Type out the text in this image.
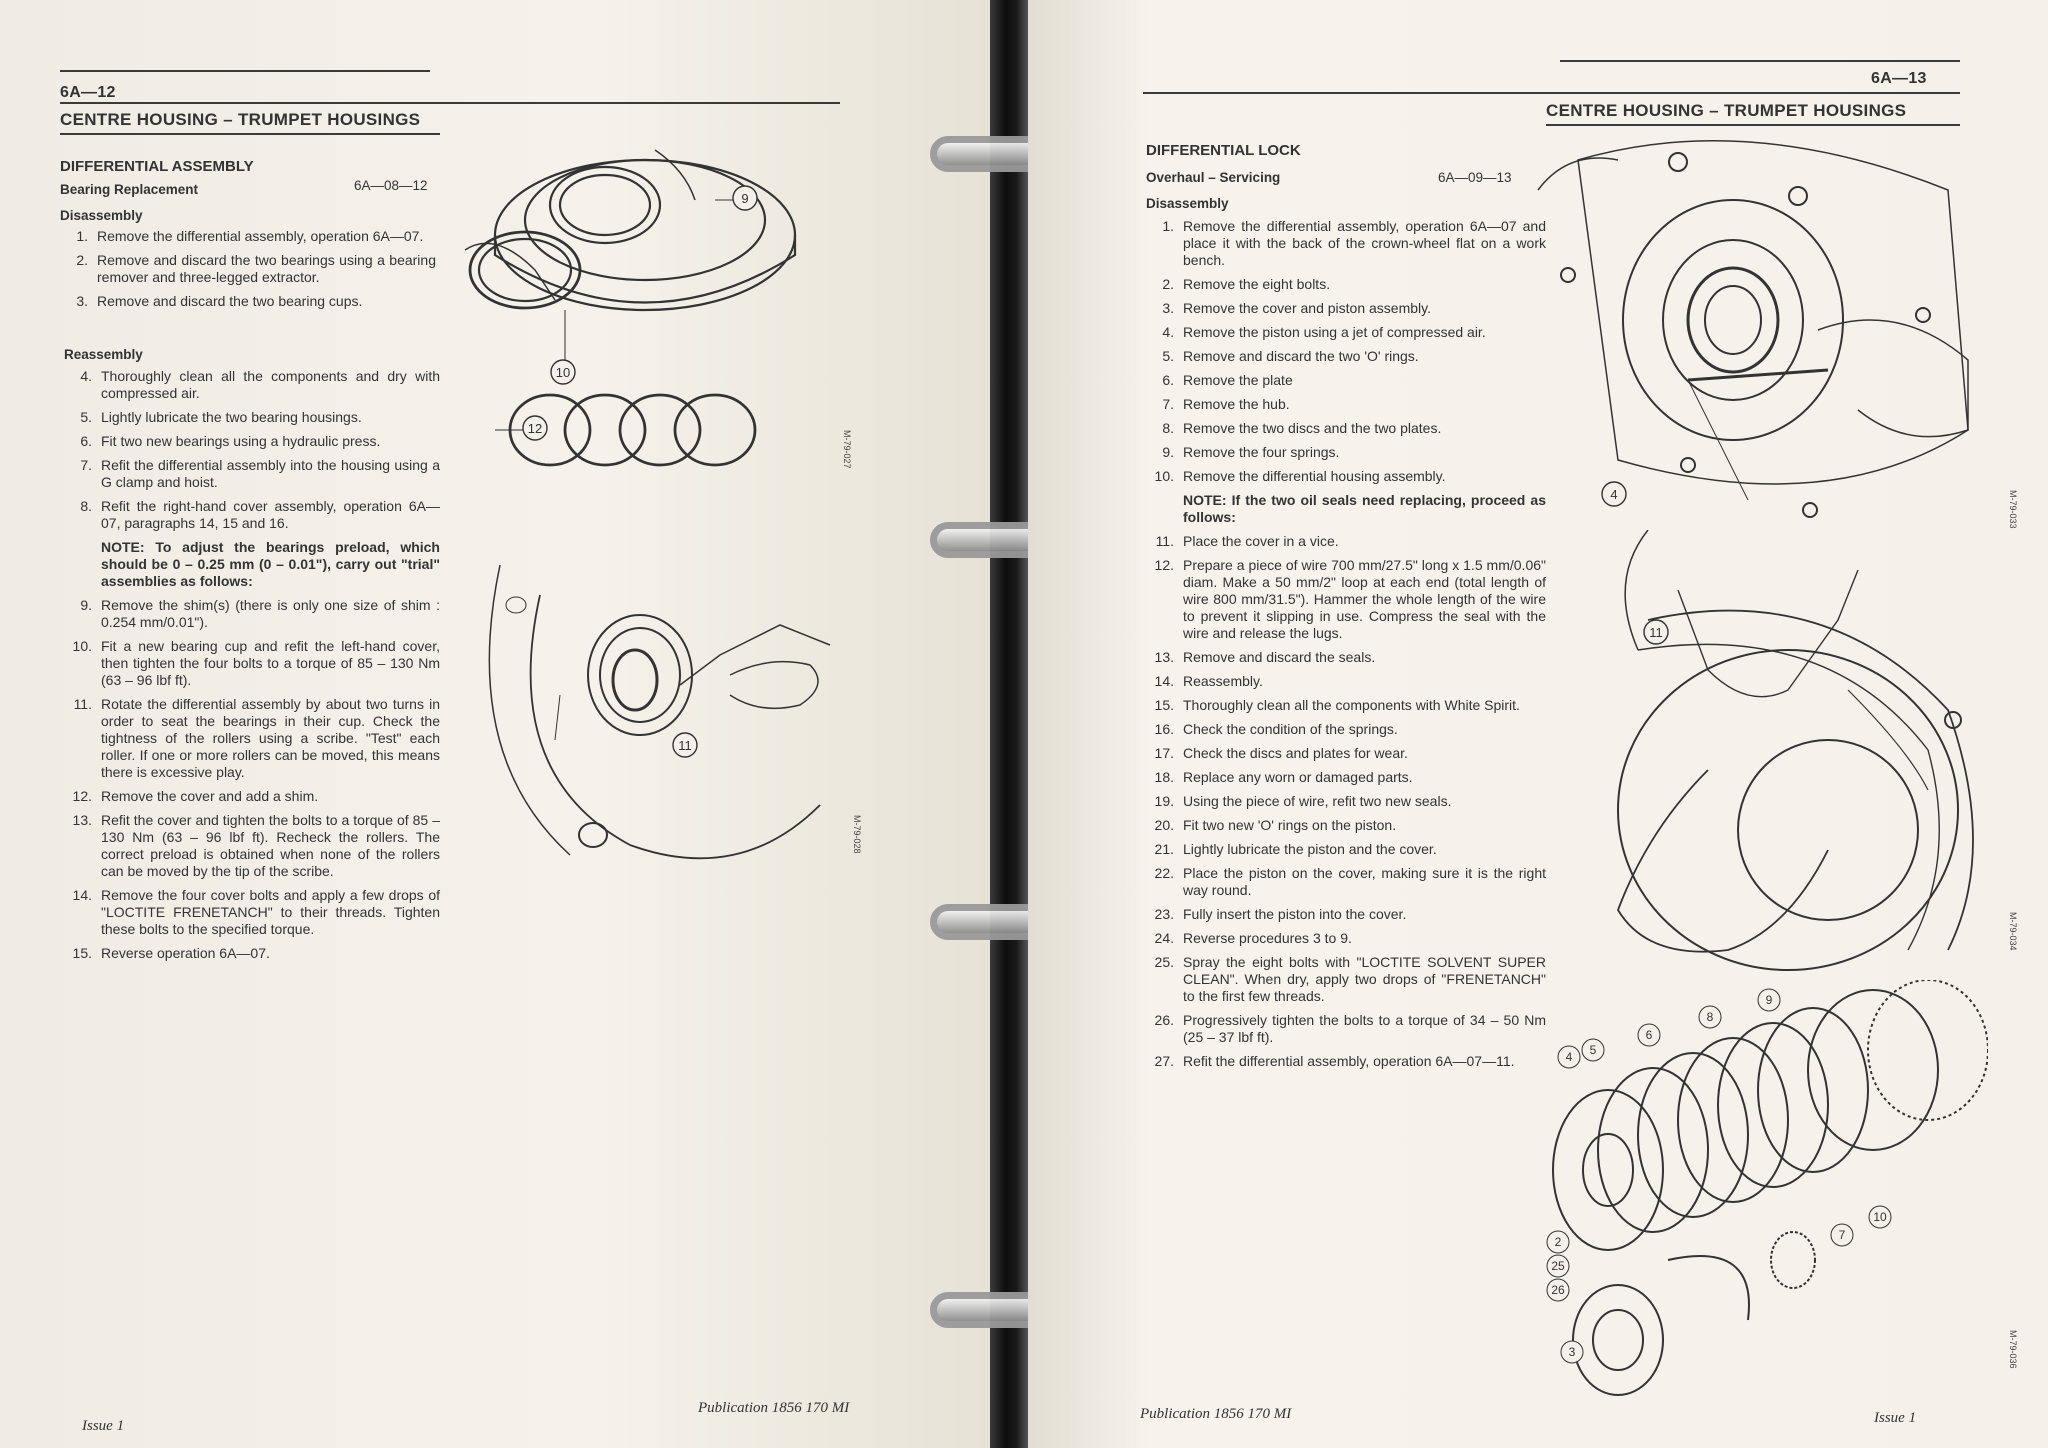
6A—12
CENTRE HOUSING – TRUMPET HOUSINGS
DIFFERENTIAL ASSEMBLY
Bearing Replacement	6A—08—12
Disassembly
1. Remove the differential assembly, operation 6A—07.
2. Remove and discard the two bearings using a bearing remover and three-legged extractor.
3. Remove and discard the two bearing cups.
Reassembly
4. Thoroughly clean all the components and dry with compressed air.
5. Lightly lubricate the two bearing housings.
6. Fit two new bearings using a hydraulic press.
7. Refit the differential assembly into the housing using a G clamp and hoist.
8. Refit the right-hand cover assembly, operation 6A—07, paragraphs 14, 15 and 16.
NOTE: To adjust the bearings preload, which should be 0 – 0.25 mm (0 – 0.01"), carry out "trial" assemblies as follows:
9. Remove the shim(s) (there is only one size of shim : 0.254 mm/0.01").
10. Fit a new bearing cup and refit the left-hand cover, then tighten the four bolts to a torque of 85 – 130 Nm (63 – 96 lbf ft).
11. Rotate the differential assembly by about two turns in order to seat the bearings in their cup. Check the tightness of the rollers using a scribe. "Test" each roller. If one or more rollers can be moved, this means there is excessive play.
12. Remove the cover and add a shim.
13. Refit the cover and tighten the bolts to a torque of 85 – 130 Nm (63 – 96 lbf ft). Recheck the rollers. The correct preload is obtained when none of the rollers can be moved by the tip of the scribe.
14. Remove the four cover bolts and apply a few drops of "LOCTITE FRENETANCH" to their threads. Tighten these bolts to the specified torque.
15. Reverse operation 6A—07.
9
10
12
M-79-027
11
M-79-028
Issue 1
Publication 1856 170 MI
6A—13
CENTRE HOUSING – TRUMPET HOUSINGS
DIFFERENTIAL LOCK
Overhaul – Servicing	6A—09—13
Disassembly
1. Remove the differential assembly, operation 6A—07 and place it with the back of the crown-wheel flat on a work bench.
2. Remove the eight bolts.
3. Remove the cover and piston assembly.
4. Remove the piston using a jet of compressed air.
5. Remove and discard the two 'O' rings.
6. Remove the plate
7. Remove the hub.
8. Remove the two discs and the two plates.
9. Remove the four springs.
10. Remove the differential housing assembly.
NOTE: If the two oil seals need replacing, proceed as follows:
11. Place the cover in a vice.
12. Prepare a piece of wire 700 mm/27.5" long x 1.5 mm/0.06" diam. Make a 50 mm/2" loop at each end (total length of wire 800 mm/31.5"). Hammer the whole length of the wire to prevent it slipping in use. Compress the seal with the wire and release the lugs.
13. Remove and discard the seals.
14. Reassembly.
15. Thoroughly clean all the components with White Spirit.
16. Check the condition of the springs.
17. Check the discs and plates for wear.
18. Replace any worn or damaged parts.
19. Using the piece of wire, refit two new seals.
20. Fit two new 'O' rings on the piston.
21. Lightly lubricate the piston and the cover.
22. Place the piston on the cover, making sure it is the right way round.
23. Fully insert the piston into the cover.
24. Reverse procedures 3 to 9.
25. Spray the eight bolts with "LOCTITE SOLVENT SUPER CLEAN". When dry, apply two drops of "FRENETANCH" to the first few threads.
26. Progressively tighten the bolts to a torque of 34 – 50 Nm (25 – 37 lbf ft).
27. Refit the differential assembly, operation 6A—07—11.
4	M-79-033
11
M-79-034
4 5
6
8
9
10
7
2
25
26
3	M-79-036
Publication 1856 170 MI	Issue 1
